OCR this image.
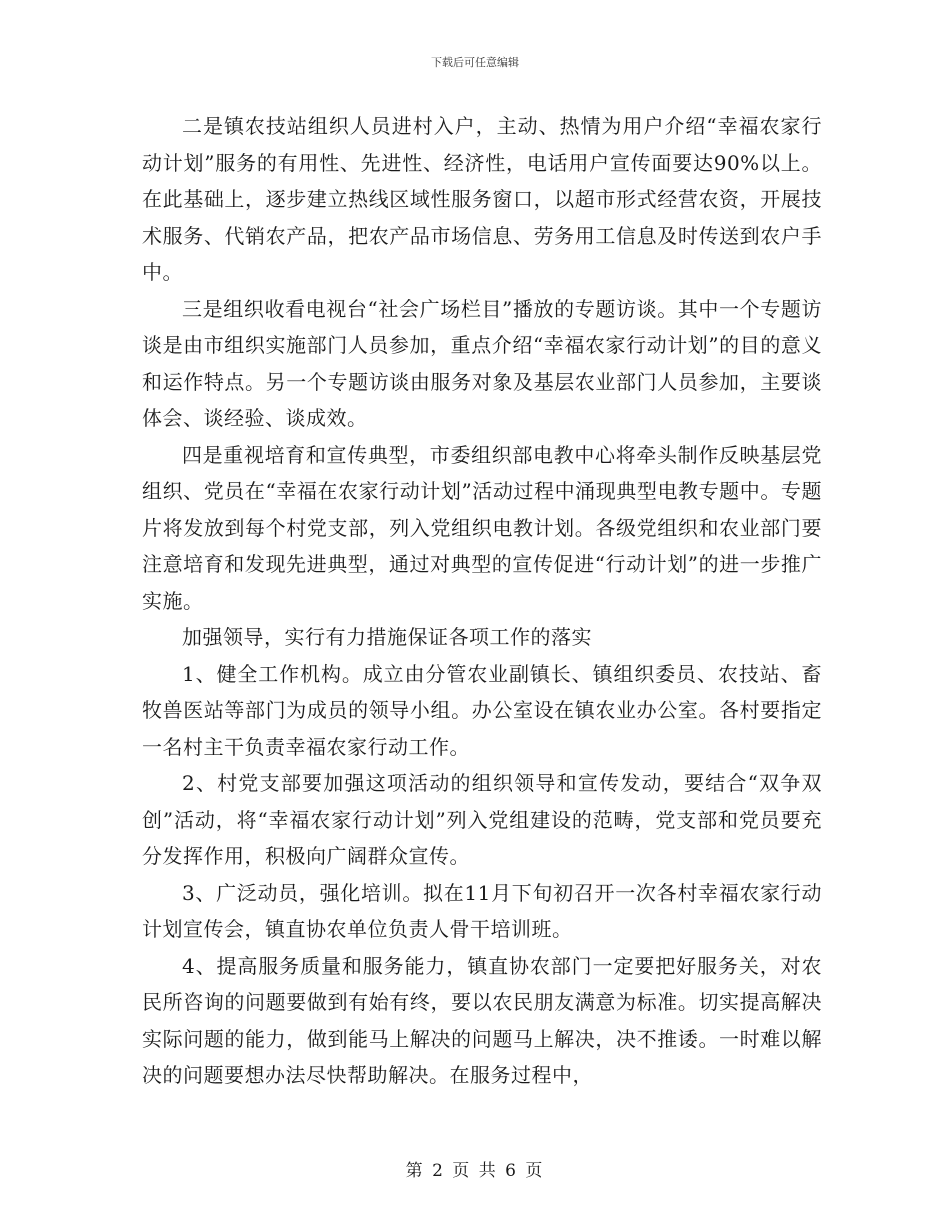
下载后可任意编辑

二是镇农技站组织人员进村入户，主动、热情为用户介绍“幸福农家行动计划”服务的有用性、先进性、经济性，电话用户宣传面要达90%以上。在此基础上，逐步建立热线区域性服务窗口，以超市形式经营农资，开展技术服务、代销农产品，把农产品市场信息、劳务用工信息及时传送到农户手中。

三是组织收看电视台“社会广场栏目”播放的专题访谈。其中一个专题访谈是由市组织实施部门人员参加，重点介绍“幸福农家行动计划”的目的意义和运作特点。另一个专题访谈由服务对象及基层农业部门人员参加，主要谈体会、谈经验、谈成效。

四是重视培育和宣传典型，市委组织部电教中心将牵头制作反映基层党组织、党员在“幸福在农家行动计划”活动过程中涌现典型电教专题中。专题片将发放到每个村党支部，列入党组织电教计划。各级党组织和农业部门要注意培育和发现先进典型，通过对典型的宣传促进“行动计划”的进一步推广实施。

加强领导，实行有力措施保证各项工作的落实

1、健全工作机构。成立由分管农业副镇长、镇组织委员、农技站、畜牧兽医站等部门为成员的领导小组。办公室设在镇农业办公室。各村要指定一名村主干负责幸福农家行动工作。

2、村党支部要加强这项活动的组织领导和宣传发动，要结合“双争双创”活动，将“幸福农家行动计划”列入党组建设的范畴，党支部和党员要充分发挥作用，积极向广阔群众宣传。

3、广泛动员，强化培训。拟在11月下旬初召开一次各村幸福农家行动计划宣传会，镇直协农单位负责人骨干培训班。

4、提高服务质量和服务能力，镇直协农部门一定要把好服务关，对农民所咨询的问题要做到有始有终，要以农民朋友满意为标准。切实提高解决实际问题的能力，做到能马上解决的问题马上解决，决不推诿。一时难以解决的问题要想办法尽快帮助解决。在服务过程中，

第 2 页 共 6 页
